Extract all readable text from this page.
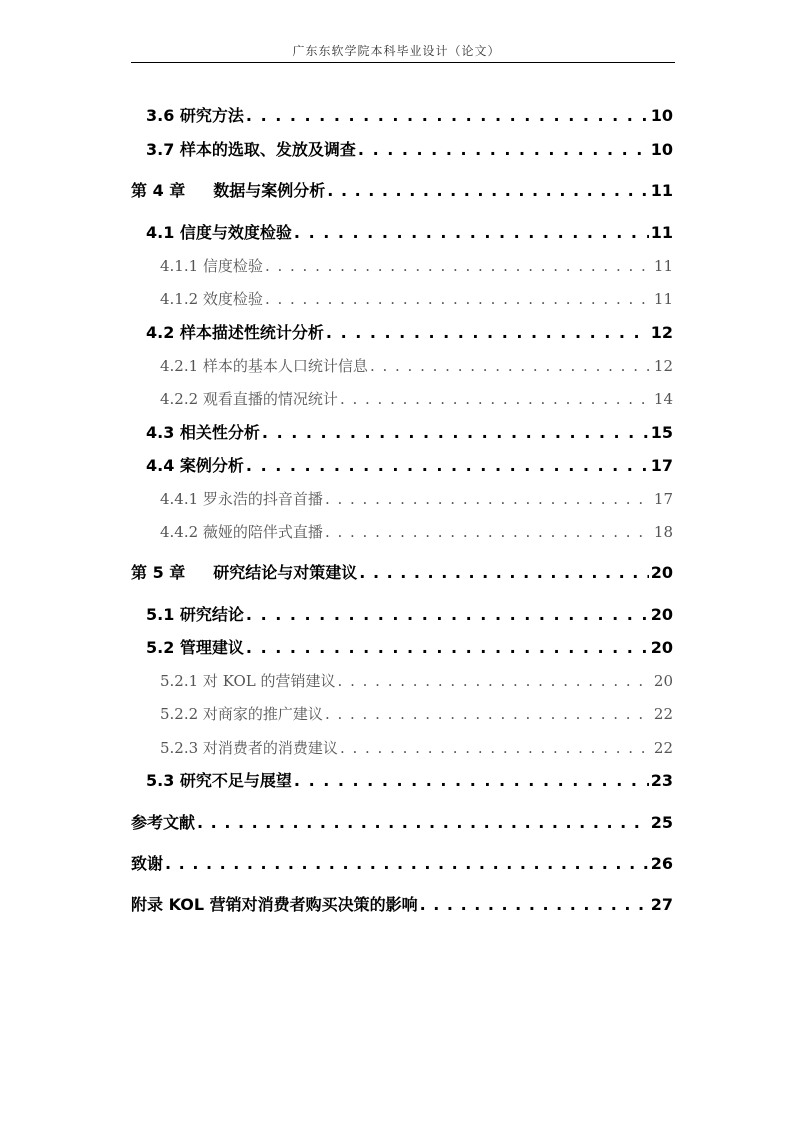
广东东软学院本科毕业设计（论文）
3.6 研究方法 . . .	10
3.7 样本的选取、发放及调查 . . .	10
第 4 章 数据与案例分析 . . .	11
4.1 信度与效度检验 . . .	11
4.1.1 信度检验 . . .	11
4.1.2 效度检验 . . .	11
4.2 样本描述性统计分析 . . .	12
4.2.1 样本的基本人口统计信息 . . .	12
4.2.2 观看直播的情况统计 . . .	14
4.3 相关性分析 . . .	15
4.4 案例分析 . . .	17
4.4.1 罗永浩的抖音首播 . . .	17
4.4.2 薇娅的陪伴式直播 . . .	18
第 5 章 研究结论与对策建议 . . .	20
5.1 研究结论 . . .	20
5.2 管理建议 . . .	20
5.2.1 对 KOL 的营销建议 . . .	20
5.2.2 对商家的推广建议 . . .	22
5.2.3 对消费者的消费建议 . . .	22
5.3 研究不足与展望 . . .	23
参考文献 . . .	25
致谢 . . .	26
附录 KOL 营销对消费者购买决策的影响 . . .	27
